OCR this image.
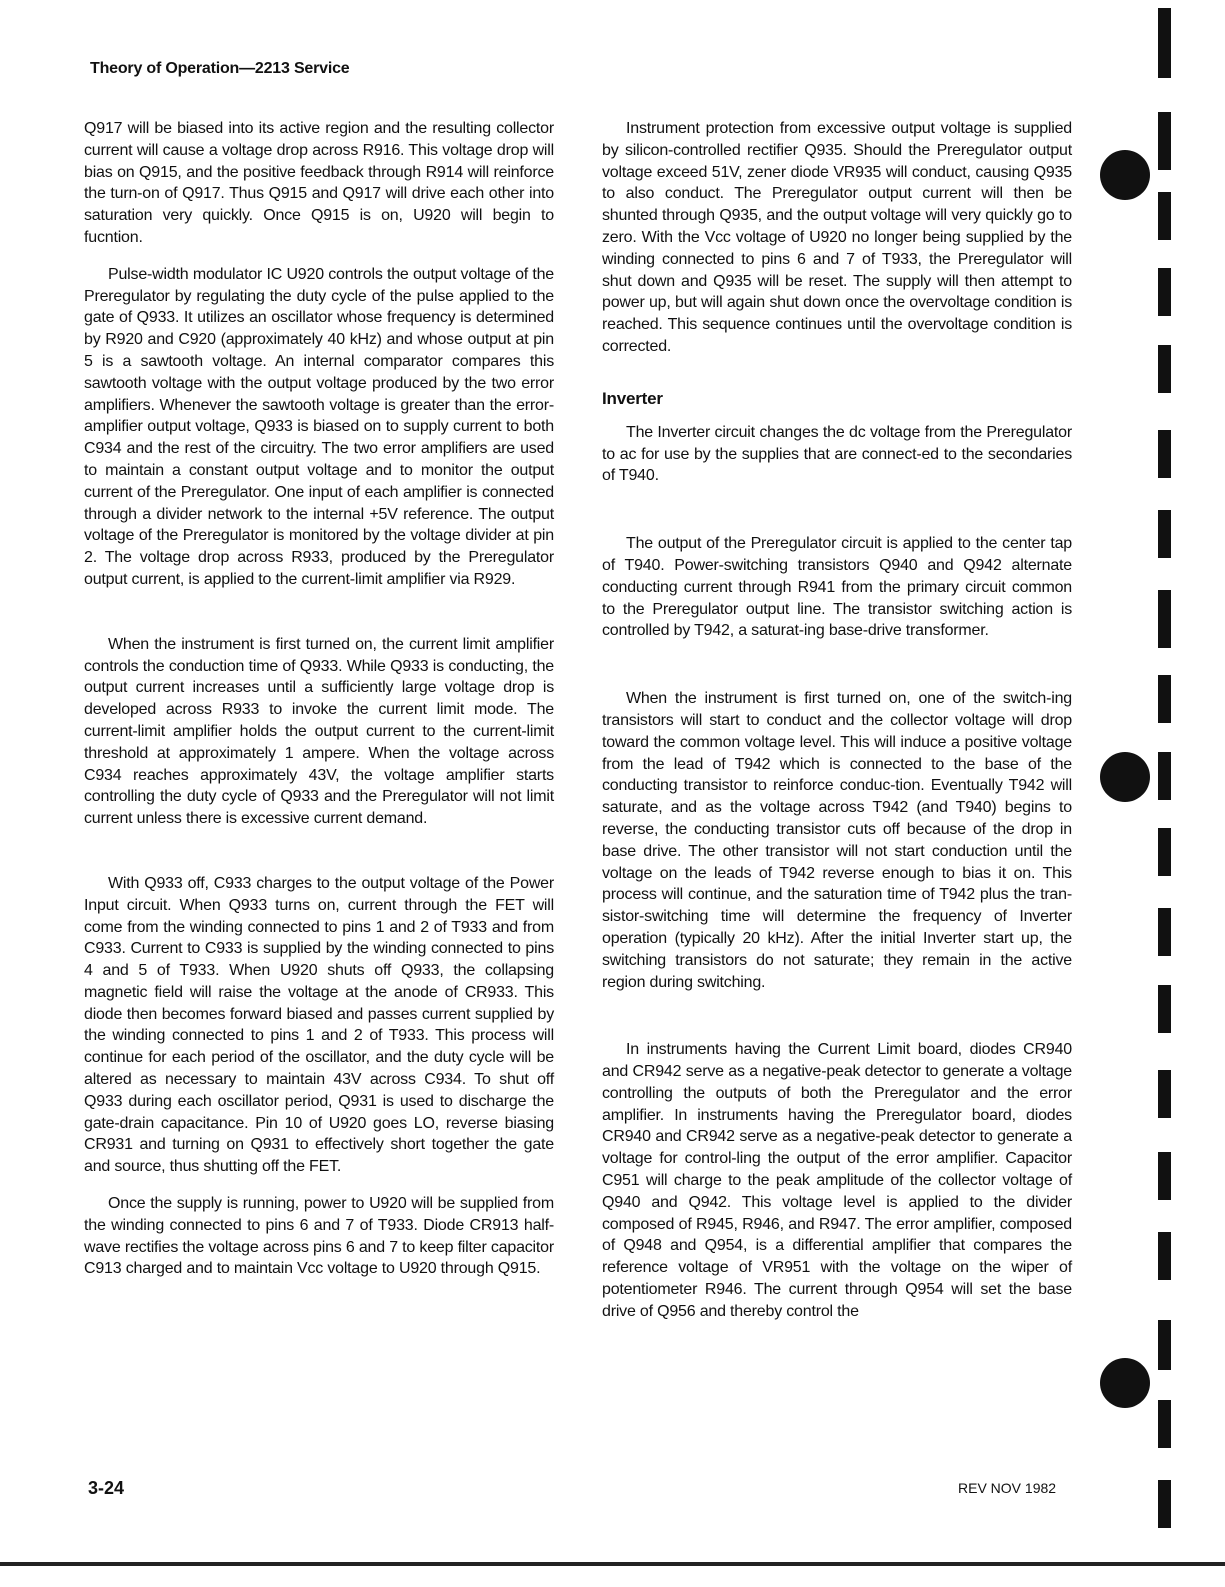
Theory of Operation—2213 Service

Q917 will be biased into its active region and the resulting collector current will cause a voltage drop across R916. This voltage drop will bias on Q915, and the positive feedback through R914 will reinforce the turn-on of Q917. Thus Q915 and Q917 will drive each other into saturation very quickly. Once Q915 is on, U920 will begin to fucntion.

Pulse-width modulator IC U920 controls the output voltage of the Preregulator by regulating the duty cycle of the pulse applied to the gate of Q933. It utilizes an oscillator whose frequency is determined by R920 and C920 (approximately 40 kHz) and whose output at pin 5 is a sawtooth voltage. An internal comparator compares this sawtooth voltage with the output voltage produced by the two error amplifiers. Whenever the sawtooth voltage is greater than the error-amplifier output voltage, Q933 is biased on to supply current to both C934 and the rest of the circuitry. The two error amplifiers are used to maintain a constant output voltage and to monitor the output current of the Preregulator. One input of each amplifier is connected through a divider network to the internal +5V reference. The output voltage of the Preregulator is monitored by the voltage divider at pin 2. The voltage drop across R933, produced by the Preregulator output current, is applied to the current-limit amplifier via R929.

When the instrument is first turned on, the current limit amplifier controls the conduction time of Q933. While Q933 is conducting, the output current increases until a sufficiently large voltage drop is developed across R933 to invoke the current limit mode. The current-limit amplifier holds the output current to the current-limit threshold at approximately 1 ampere. When the voltage across C934 reaches approximately 43V, the voltage amplifier starts controlling the duty cycle of Q933 and the Preregulator will not limit current unless there is excessive current demand.

With Q933 off, C933 charges to the output voltage of the Power Input circuit. When Q933 turns on, current through the FET will come from the winding connected to pins 1 and 2 of T933 and from C933. Current to C933 is supplied by the winding connected to pins 4 and 5 of T933. When U920 shuts off Q933, the collapsing magnetic field will raise the voltage at the anode of CR933. This diode then becomes forward biased and passes current supplied by the winding connected to pins 1 and 2 of T933. This process will continue for each period of the oscillator, and the duty cycle will be altered as necessary to maintain 43V across C934. To shut off Q933 during each oscillator period, Q931 is used to discharge the gate-drain capacitance. Pin 10 of U920 goes LO, reverse biasing CR931 and turning on Q931 to effectively short together the gate and source, thus shutting off the FET.

Once the supply is running, power to U920 will be supplied from the winding connected to pins 6 and 7 of T933. Diode CR913 half-wave rectifies the voltage across pins 6 and 7 to keep filter capacitor C913 charged and to maintain Vcc voltage to U920 through Q915.

Instrument protection from excessive output voltage is supplied by silicon-controlled rectifier Q935. Should the Preregulator output voltage exceed 51V, zener diode VR935 will conduct, causing Q935 to also conduct. The Preregulator output current will then be shunted through Q935, and the output voltage will very quickly go to zero. With the Vcc voltage of U920 no longer being supplied by the winding connected to pins 6 and 7 of T933, the Preregulator will shut down and Q935 will be reset. The supply will then attempt to power up, but will again shut down once the overvoltage condition is reached. This sequence continues until the overvoltage condition is corrected.

Inverter

The Inverter circuit changes the dc voltage from the Preregulator to ac for use by the supplies that are connect-ed to the secondaries of T940.

The output of the Preregulator circuit is applied to the center tap of T940. Power-switching transistors Q940 and Q942 alternate conducting current through R941 from the primary circuit common to the Preregulator output line. The transistor switching action is controlled by T942, a saturat-ing base-drive transformer.

When the instrument is first turned on, one of the switch-ing transistors will start to conduct and the collector voltage will drop toward the common voltage level. This will induce a positive voltage from the lead of T942 which is connected to the base of the conducting transistor to reinforce conduc-tion. Eventually T942 will saturate, and as the voltage across T942 (and T940) begins to reverse, the conducting transistor cuts off because of the drop in base drive. The other transistor will not start conduction until the voltage on the leads of T942 reverse enough to bias it on. This process will continue, and the saturation time of T942 plus the tran-sistor-switching time will determine the frequency of Inverter operation (typically 20 kHz). After the initial Inverter start up, the switching transistors do not saturate; they remain in the active region during switching.

In instruments having the Current Limit board, diodes CR940 and CR942 serve as a negative-peak detector to generate a voltage controlling the outputs of both the Preregulator and the error amplifier. In instruments having the Preregulator board, diodes CR940 and CR942 serve as a negative-peak detector to generate a voltage for control-ling the output of the error amplifier. Capacitor C951 will charge to the peak amplitude of the collector voltage of Q940 and Q942. This voltage level is applied to the divider composed of R945, R946, and R947. The error amplifier, composed of Q948 and Q954, is a differential amplifier that compares the reference voltage of VR951 with the voltage on the wiper of potentiometer R946. The current through Q954 will set the base drive of Q956 and thereby control the

3-24	REV NOV 1982
